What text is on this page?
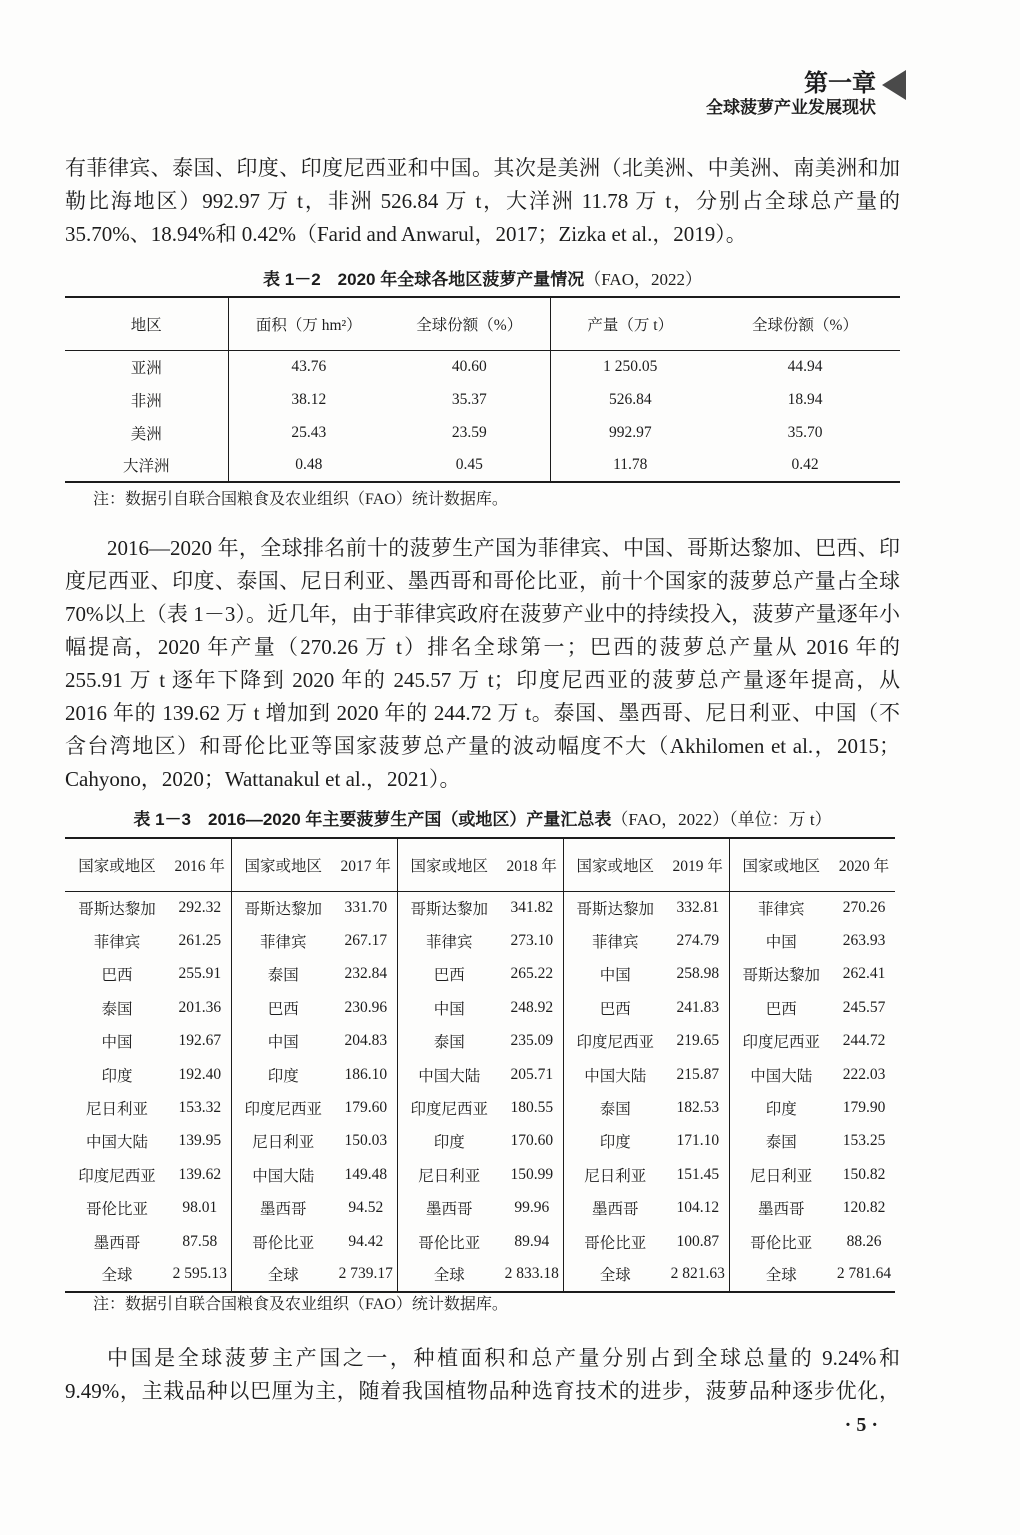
第一章
全球菠萝产业发展现状
有菲律宾、泰国、印度、印度尼西亚和中国。其次是美洲（北美洲、中美洲、南美洲和加
勒比海地区）992.97 万 t，非洲 526.84 万 t，大洋洲 11.78 万 t，分别占全球总产量的
35.70%、18.94%和 0.42%（Farid and Anwarul，2017；Zizka et al.，2019）。
表 1－2　2020 年全球各地区菠萝产量情况（FAO，2022）
地区	面积（万 hm²）	全球份额（%）	产量（万 t）	全球份额（%）
亚洲	43.76	40.60	1 250.05	44.94
非洲	38.12	35.37	526.84	18.94
美洲	25.43	23.59	992.97	35.70
大洋洲	0.48	0.45	11.78	0.42
注：数据引自联合国粮食及农业组织（FAO）统计数据库。
2016—2020 年，全球排名前十的菠萝生产国为菲律宾、中国、哥斯达黎加、巴西、印
度尼西亚、印度、泰国、尼日利亚、墨西哥和哥伦比亚，前十个国家的菠萝总产量占全球
70%以上（表 1－3）。近几年，由于菲律宾政府在菠萝产业中的持续投入，菠萝产量逐年小
幅提高，2020 年产量（270.26 万 t）排名全球第一；巴西的菠萝总产量从 2016 年的
255.91 万 t 逐年下降到 2020 年的 245.57 万 t；印度尼西亚的菠萝总产量逐年提高，从
2016 年的 139.62 万 t 增加到 2020 年的 244.72 万 t。泰国、墨西哥、尼日利亚、中国（不
含台湾地区）和哥伦比亚等国家菠萝总产量的波动幅度不大（Akhilomen et al.，2015；
Cahyono，2020；Wattanakul et al.，2021）。
表 1－3　2016—2020 年主要菠萝生产国（或地区）产量汇总表（FAO，2022）（单位：万 t）
国家或地区	2016 年	国家或地区	2017 年	国家或地区	2018 年	国家或地区	2019 年	国家或地区	2020 年
哥斯达黎加	292.32	哥斯达黎加	331.70	哥斯达黎加	341.82	哥斯达黎加	332.81	菲律宾	270.26
菲律宾	261.25	菲律宾	267.17	菲律宾	273.10	菲律宾	274.79	中国	263.93
巴西	255.91	泰国	232.84	巴西	265.22	中国	258.98	哥斯达黎加	262.41
泰国	201.36	巴西	230.96	中国	248.92	巴西	241.83	巴西	245.57
中国	192.67	中国	204.83	泰国	235.09	印度尼西亚	219.65	印度尼西亚	244.72
印度	192.40	印度	186.10	中国大陆	205.71	中国大陆	215.87	中国大陆	222.03
尼日利亚	153.32	印度尼西亚	179.60	印度尼西亚	180.55	泰国	182.53	印度	179.90
中国大陆	139.95	尼日利亚	150.03	印度	170.60	印度	171.10	泰国	153.25
印度尼西亚	139.62	中国大陆	149.48	尼日利亚	150.99	尼日利亚	151.45	尼日利亚	150.82
哥伦比亚	98.01	墨西哥	94.52	墨西哥	99.96	墨西哥	104.12	墨西哥	120.82
墨西哥	87.58	哥伦比亚	94.42	哥伦比亚	89.94	哥伦比亚	100.87	哥伦比亚	88.26
全球	2 595.13	全球	2 739.17	全球	2 833.18	全球	2 821.63	全球	2 781.64
注：数据引自联合国粮食及农业组织（FAO）统计数据库。
中国是全球菠萝主产国之一，种植面积和总产量分别占到全球总量的 9.24%和
9.49%，主栽品种以巴厘为主，随着我国植物品种选育技术的进步，菠萝品种逐步优化，
· 5 ·
